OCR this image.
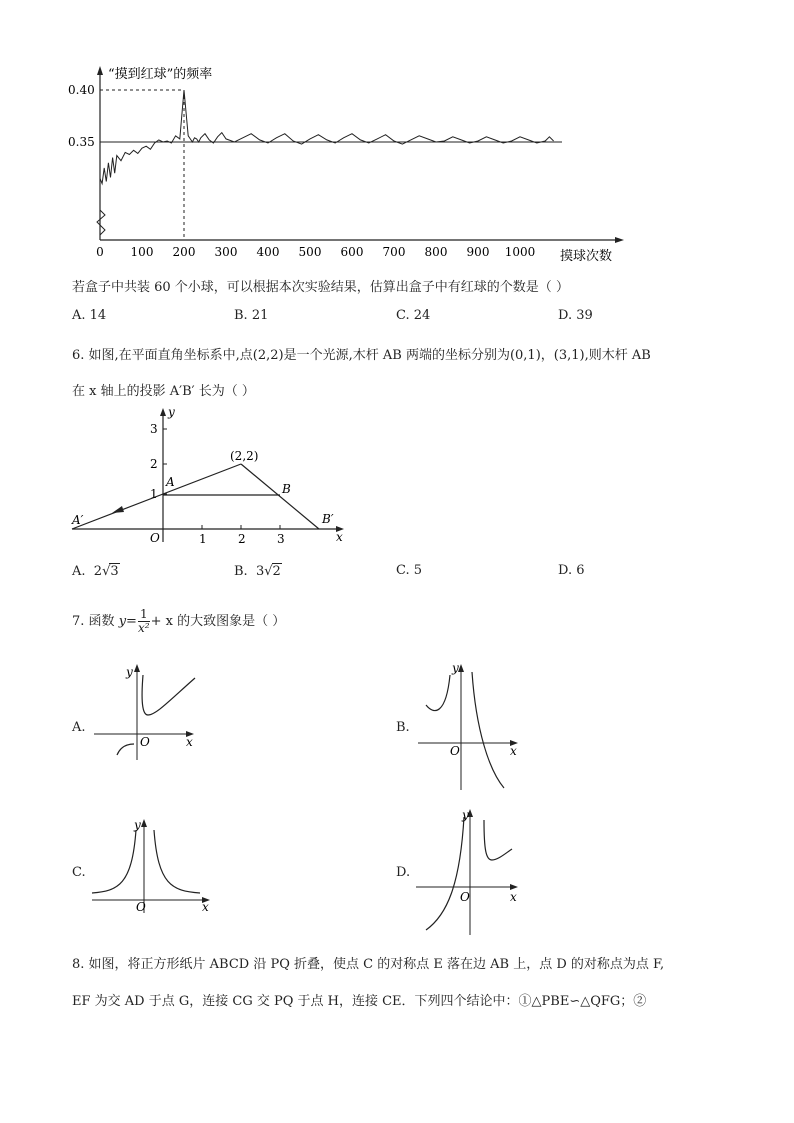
0.40
0.35
0 100 200 300 400 500 600 700 800 900 1000
“摸到红球”的频率
摸球次数
若盒子中共装 60 个小球，可以根据本次实验结果，估算出盒子中有红球的个数是（ ）
A. 14	B. 21	C. 24	D. 39
6. 如图,在平面直角坐标系中,点(2,2)是一个光源,木杆 AB 两端的坐标分别为(0,1)，(3,1),则木杆 AB
在 x 轴上的投影 A′B′ 长为（ ）
(2,2)
A	B
A′	B′
O	x
y
1	2	3
1
2
3
A. 2√3	B. 3√2	C. 5	D. 6
7. 函数 $y= \frac{1}{\text{x²}} + x$ 的大致图象是（ ）
A.
y
O	x
B.
y
O	x
C.
y
O	x
D.
y
O	x
8. 如图，将正方形纸片 ABCD 沿 PQ 折叠，使点 C 的对称点 E 落在边 AB 上，点 D 的对称点为点 F,
EF 为交 AD 于点 G，连接 CG 交 PQ 于点 H，连接 CE．下列四个结论中：①△PBE∽△QFG；②
